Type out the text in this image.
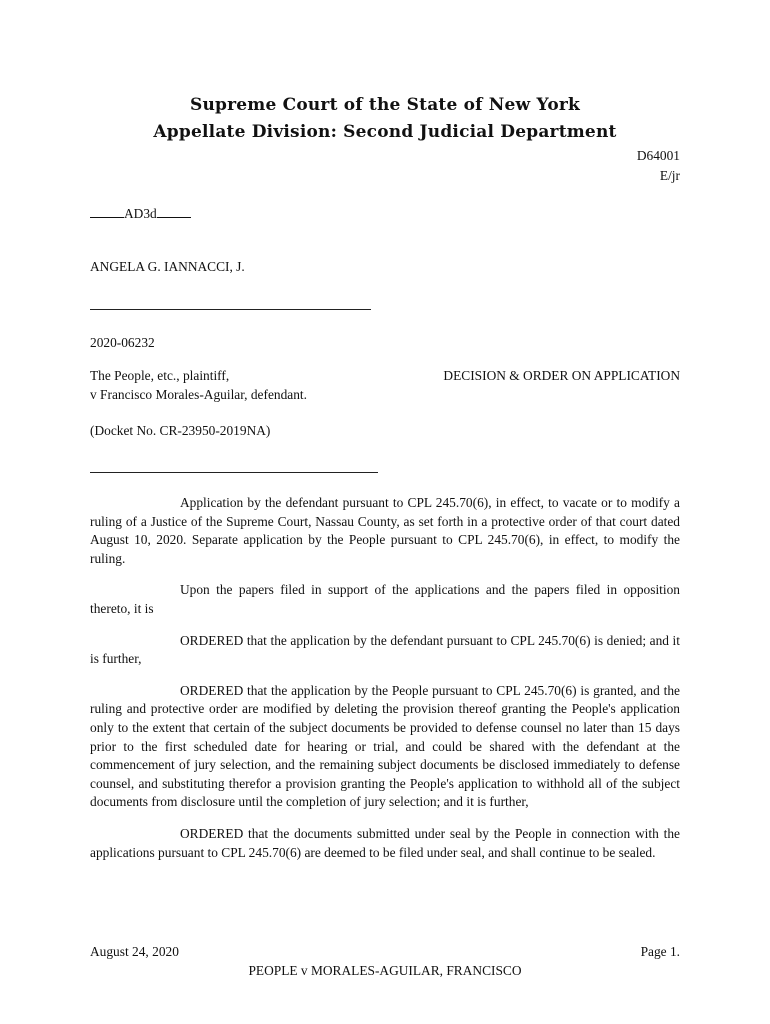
Supreme Court of the State of New York
Appellate Division: Second Judicial Department
D64001
E/jr
AD3d
ANGELA G. IANNACCI, J.
2020-06232
The People, etc., plaintiff,
v Francisco Morales-Aguilar, defendant.
DECISION & ORDER ON APPLICATION
(Docket No. CR-23950-2019NA)

Application by the defendant pursuant to CPL 245.70(6), in effect, to vacate or to modify a ruling of a Justice of the Supreme Court, Nassau County, as set forth in a protective order of that court dated August 10, 2020. Separate application by the People pursuant to CPL 245.70(6), in effect, to modify the ruling.

Upon the papers filed in support of the applications and the papers filed in opposition thereto, it is

ORDERED that the application by the defendant pursuant to CPL 245.70(6) is denied; and it is further,

ORDERED that the application by the People pursuant to CPL 245.70(6) is granted, and the ruling and protective order are modified by deleting the provision thereof granting the People's application only to the extent that certain of the subject documents be provided to defense counsel no later than 15 days prior to the first scheduled date for hearing or trial, and could be shared with the defendant at the commencement of jury selection, and the remaining subject documents be disclosed immediately to defense counsel, and substituting therefor a provision granting the People's application to withhold all of the subject documents from disclosure until the completion of jury selection; and it is further,

ORDERED that the documents submitted under seal by the People in connection with the applications pursuant to CPL 245.70(6) are deemed to be filed under seal, and shall continue to be sealed.

August 24, 2020	Page 1.
PEOPLE v MORALES-AGUILAR, FRANCISCO
